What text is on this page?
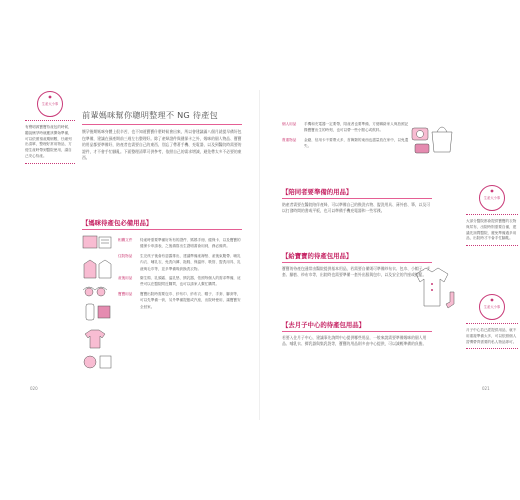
生產大小事
有聲明源寶寶待產包的時候，聽說懷孕時就應該開始準備，可以依照預產期倒數，仔細列出清單，整理好常用物品，方便生產時帶到醫院使用，讓自己安心待產。
前輩媽咪幫你聰明整理不 NG 待產包
懷孕後期媽咪身體上很辛苦，也不知道寶寶什麼時候會出來，所以會建議滿八個月就提早備好包包準備，建議在預產期前三週左右整理好。除了產婦證件與健保卡之外，媽咪的個人物品、寶寶的用品都要準備好，陪產者也需要自己的東西，別忘了帶著手機、充電器，以及到醫院時需要的證件，才不會手忙腳亂。下面整理清單可供參考，依照自己的需求增減，避免帶太多不必要的東西。
【媽咪待產包必備用品】
相關文件	待產時需要準備好所有的證件、媽媽手冊、健保卡、以及寶寶的健保卡申請表、之後填寫出生證明書會用到，務必備齊。
住院物品	生完孩子後會有惡露排出，建議準備產褥墊、產後束腹帶、哺乳內衣、哺乳衣、免洗內褲、拖鞋、保溫杯、吸管、盥洗用具、乳液與毛巾等，並多準備幾套換洗衣物。
產後用品	衛生棉、乳頭霜、溢乳墊、擠乳器，依照每個人的需求準備，這些可以在醫院附近購買，也可以請家人幫忙購買。
寶寶用品	寶寶出院時需要包巾、紗布巾、紗布衣、帽子、手套、腳套等，可以先準備一套，另外準備提籃或汽座，出院時使用，讓寶寶安全回家。
020
個人用品	手機和充電器一定要帶，陪產者也要準備，方便聯絡家人與拍照記錄寶寶出生的時刻，也可以帶一些小點心或飲料。
貴重物品	金錢、信用卡不要帶太多，首飾類的東西也盡量放在家中，以免遺失。
【陪同者要準備的用品】
陪產者需要在醫院陪伴產婦，可以準備自己的換洗衣物、盥洗用具、薄外套、筆，以及可以打發時間的書或平板，也可以準備手機充電器和一些零錢。
【給寶寶的待產包用品】
寶寶的待產包通常由醫院提供基本用品，若需要自備則可準備紗布衣、包巾、小帽子、手套、腳套、紗布巾等，出院時也需要準備一套外出服與包巾，以及安全的汽座或提籃。
【去月子中心的待產包用品】
若要入住月子中心，建議事先詢問中心提供哪些用品，一般來說需要準備媽咪的個人用品、哺乳衣、擠乳器與集乳袋等，寶寶的用品則多由中心提供，可以減輕準備的負擔。
生產大小事
大部分醫院都會提供寶寶的衣物與尿布，出院時則需要自備，建議先詢問醫院，避免準備過多用品，出院時才不會手忙腳亂。
生產大小事
月子中心若已經提供用品，就不用重複準備太多，可以依照個人習慣帶齊需要的私人物品即可。
021
